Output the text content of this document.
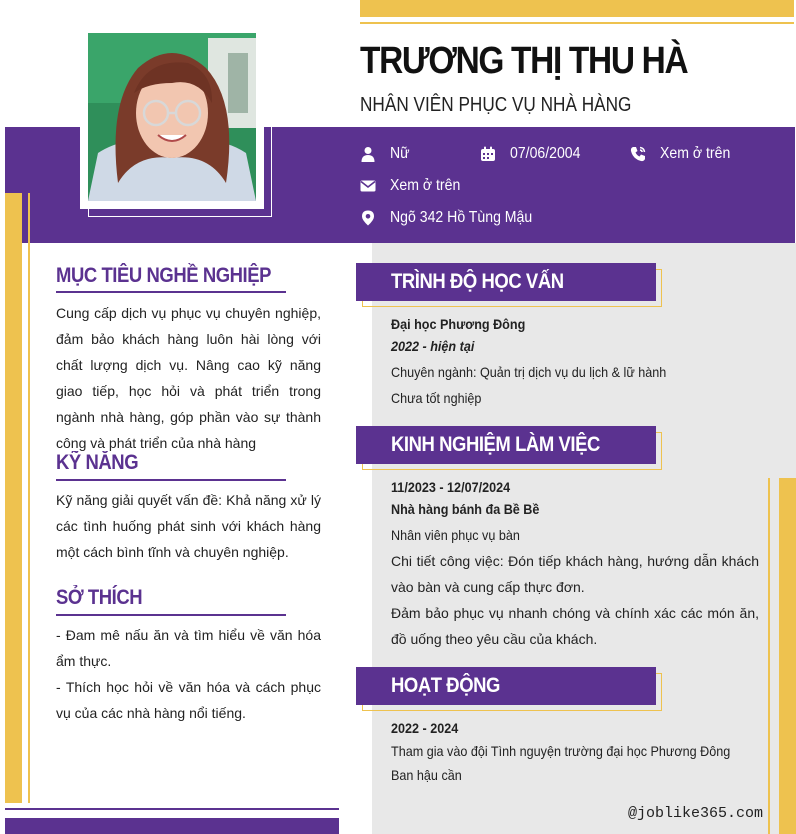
TRƯƠNG THỊ THU HÀ
NHÂN VIÊN PHỤC VỤ NHÀ HÀNG
Nữ	07/06/2004	Xem ở trên
Xem ở trên
Ngõ 342 Hồ Tùng Mậu
MỤC TIÊU NGHỀ NGHIỆP
Cung cấp dịch vụ phục vụ chuyên nghiệp, đảm bảo khách hàng luôn hài lòng với chất lượng dịch vụ. Nâng cao kỹ năng giao tiếp, học hỏi và phát triển trong ngành nhà hàng, góp phần vào sự thành công và phát triển của nhà hàng
KỸ NĂNG
Kỹ năng giải quyết vấn đề: Khả năng xử lý các tình huống phát sinh với khách hàng một cách bình tĩnh và chuyên nghiệp.
SỞ THÍCH

- Đam mê nấu ăn và tìm hiểu về văn hóa ẩm thực.

- Thích học hỏi về văn hóa và cách phục vụ của các nhà hàng nổi tiếng.

TRÌNH ĐỘ HỌC VẤN
Đại học Phương Đông
2022 - hiện tại
Chuyên ngành: Quản trị dịch vụ du lịch & lữ hành
Chưa tốt nghiệp
KINH NGHIỆM LÀM VIỆC
11/2023 - 12/07/2024
Nhà hàng bánh đa Bề Bề
Nhân viên phục vụ bàn
Chi tiết công việc: Đón tiếp khách hàng, hướng dẫn khách vào bàn và cung cấp thực đơn.
Đảm bảo phục vụ nhanh chóng và chính xác các món ăn, đồ uống theo yêu cầu của khách.
HOẠT ĐỘNG
2022 - 2024
Tham gia vào đội Tình nguyện trường đại học Phương Đông
Ban hậu cần
@joblike365.com
